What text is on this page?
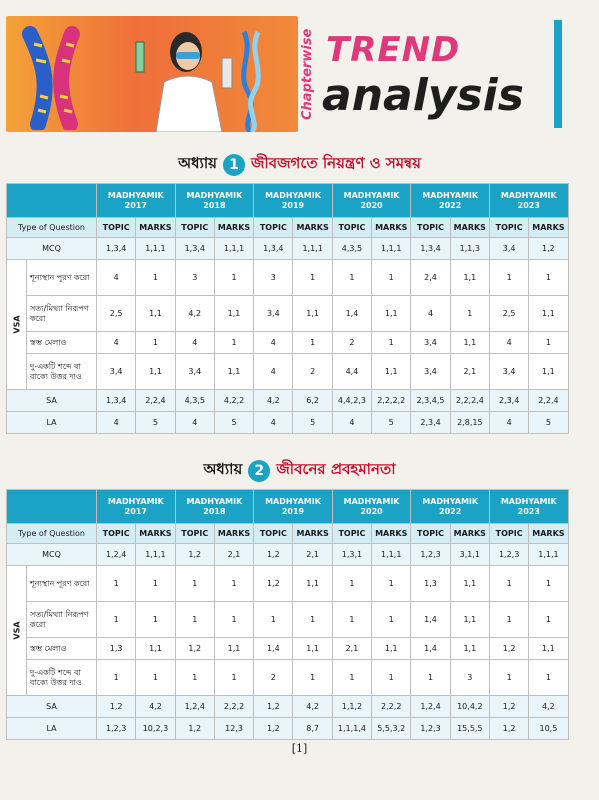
Chapterwise TREND
analysis
অধ্যায় 1 জীবজগতে নিয়ন্ত্রণ ও সমন্বয়
		MADHYAMIK 2017		MADHYAMIK 2018		MADHYAMIK 2019		MADHYAMIK 2020		MADHYAMIK 2022		MADHYAMIK 2023	
Type of Question		TOPIC	MARKS	TOPIC	MARKS	TOPIC	MARKS	TOPIC	MARKS	TOPIC	MARKS	TOPIC	MARKS
MCQ		1,3,4	1,1,1	1,3,4	1,1,1	1,3,4	1,1,1	4,3,5	1,1,1	1,3,4	1,1,3	3,4	1,2
VSA	শূন্যস্থান পূরণ করো	4	1	3	1	3	1	1	1	2,4	1,1	1	1
	সত্য/মিথ্যা নিরূপণ করো	2,5	1,1	4,2	1,1	3,4	1,1	1,4	1,1	4	1	2,5	1,1
	স্তম্ভ মেলাও	4	1	4	1	4	1	2	1	3,4	1,1	4	1
	দু-একটি শব্দে বা বাক্যে উত্তর দাও	3,4	1,1	3,4	1,1	4	2	4,4	1,1	3,4	2,1	3,4	1,1
SA		1,3,4	2,2,4	4,3,5	4,2,2	4,2	6,2	4,4,2,3	2,2,2,2	2,3,4,5	2,2,2,4	2,3,4	2,2,4
LA		4	5	4	5	4	5	4	5	2,3,4	2,8,15	4	5
অধ্যায় 2 জীবনের প্রবহমানতা
		MADHYAMIK 2017		MADHYAMIK 2018		MADHYAMIK 2019		MADHYAMIK 2020		MADHYAMIK 2022		MADHYAMIK 2023	
Type of Question		TOPIC	MARKS	TOPIC	MARKS	TOPIC	MARKS	TOPIC	MARKS	TOPIC	MARKS	TOPIC	MARKS
MCQ		1,2,4	1,1,1	1,2	2,1	1,2	2,1	1,3,1	1,1,1	1,2,3	3,1,1	1,2,3	1,1,1
VSA	শূন্যস্থান পূরণ করো	1	1	1	1	1,2	1,1	1	1	1,3	1,1	1	1
	সত্য/মিথ্যা নিরূপণ করো	1	1	1	1	1	1	1	1	1,4	1,1	1	1
	স্তম্ভ মেলাও	1,3	1,1	1,2	1,1	1,4	1,1	2,1	1,1	1,4	1,1	1,2	1,1
	দু-একটি শব্দে বা বাক্যে উত্তর দাও	1	1	1	1	2	1	1	1	1	3	1	1
SA		1,2	4,2	1,2,4	2,2,2	1,2	4,2	1,1,2	2,2,2	1,2,4	10,4,2	1,2	4,2
LA		1,2,3	10,2,3	1,2	12,3	1,2	8,7	1,1,1,4	5,5,3,2	1,2,3	15,5,5	1,2	10,5
[1]
